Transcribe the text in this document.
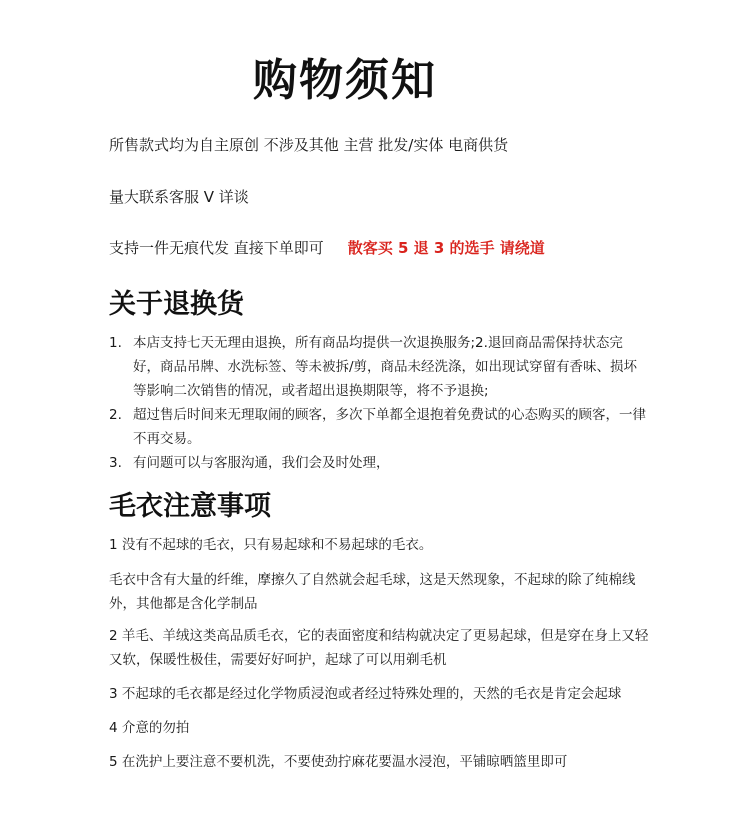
购物须知
所售款式均为自主原创 不涉及其他 主营 批发/实体 电商供货
量大联系客服 V 详谈
支持一件无痕代发 直接下单即可 散客买 5 退 3 的选手 请绕道
关于退换货
1. 本店支持七天无理由退换，所有商品均提供一次退换服务;2.退回商品需保持状态完好，商品吊牌、水洗标签、等未被拆/剪，商品未经洗涤，如出现试穿留有香味、损坏等影响二次销售的情况，或者超出退换期限等，将不予退换;
2. 超过售后时间来无理取闹的顾客，多次下单都全退抱着免费试的心态购买的顾客，一律不再交易。
3. 有问题可以与客服沟通，我们会及时处理，
毛衣注意事项
1 没有不起球的毛衣，只有易起球和不易起球的毛衣。
毛衣中含有大量的纤维，摩擦久了自然就会起毛球，这是天然现象，不起球的除了纯棉线外，其他都是含化学制品
2 羊毛、羊绒这类高品质毛衣，它的表面密度和结构就决定了更易起球，但是穿在身上又轻又软，保暖性极佳，需要好好呵护，起球了可以用剃毛机
3 不起球的毛衣都是经过化学物质浸泡或者经过特殊处理的，天然的毛衣是肯定会起球
4 介意的勿拍
5 在洗护上要注意不要机洗，不要使劲拧麻花要温水浸泡，平铺晾晒篮里即可
